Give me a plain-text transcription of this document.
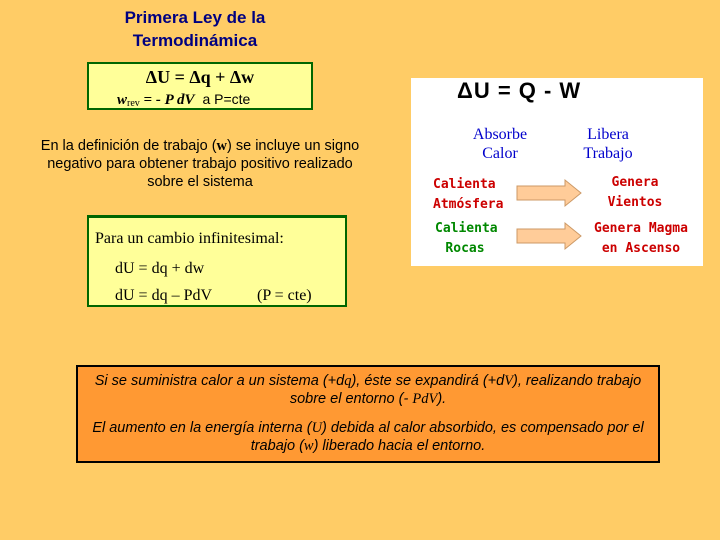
Primera Ley de la
Termodinámica
ΔU = Δq + Δw
$w_{rev}$ = - P dV a P=cte
En la definición de trabajo (w) se incluye un signo negativo para obtener trabajo positivo realizado sobre el sistema
Para un cambio infinitesimal:
dU = dq + dw
dU = dq – PdV	(P = cte)
ΔU = Q - W
Absorbe
Calor
Libera
Trabajo
Calienta
Atmósfera
Genera
Vientos
Calienta
Rocas
Genera Magma
en Ascenso
Si se suministra calor a un sistema (+dq), éste se expandirá (+dV), realizando trabajo sobre el entorno (- PdV).
El aumento en la energía interna (U) debida al calor absorbido, es compensado por el trabajo (w) liberado hacia el entorno.
